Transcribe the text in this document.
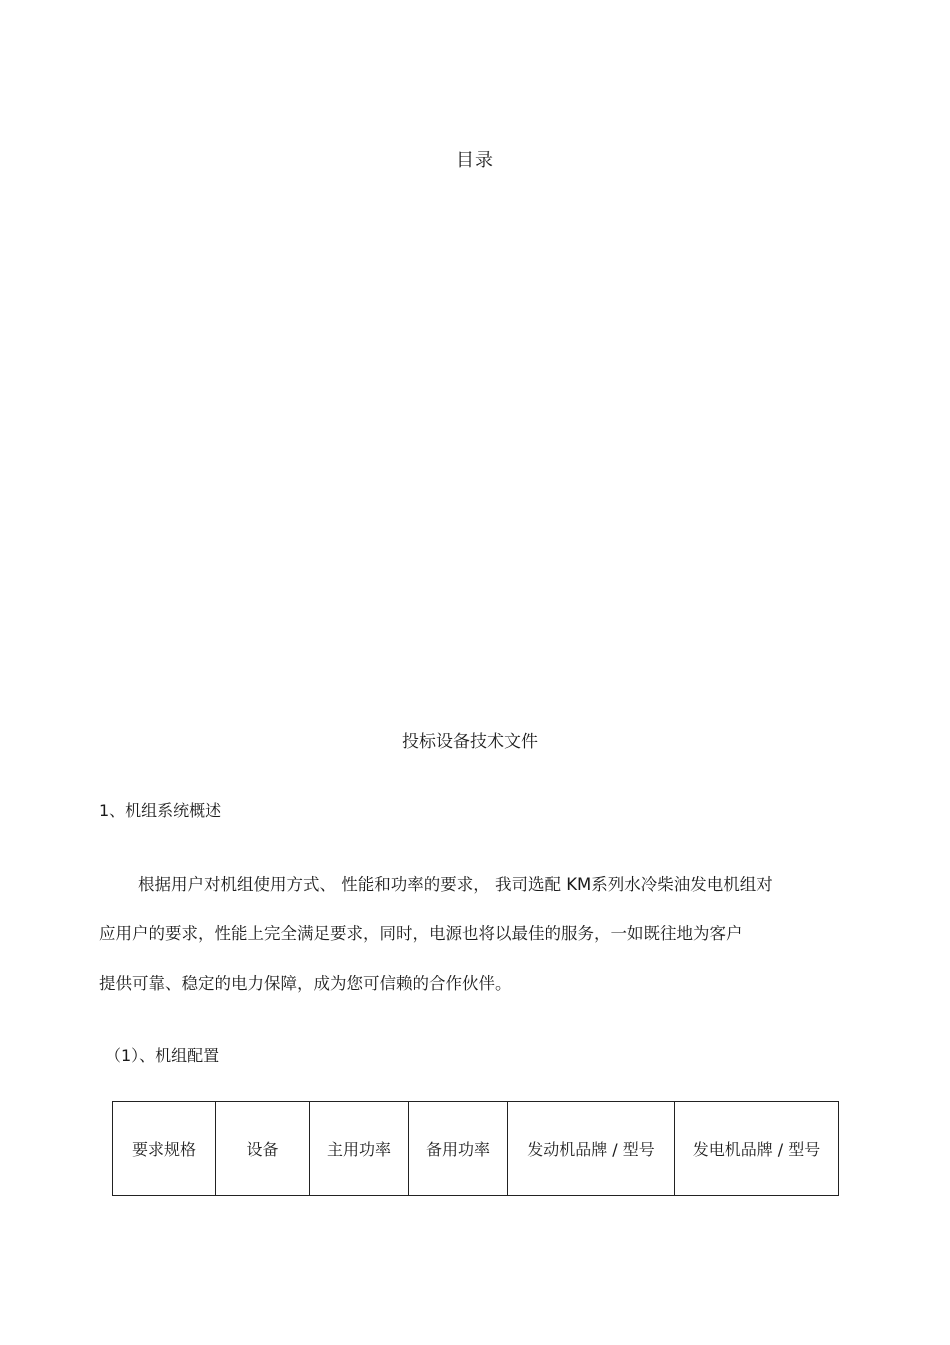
目录
投标设备技术文件
1、机组系统概述
根据用户对机组使用方式、 性能和功率的要求， 我司选配 KM系列水冷柴油发电机组对
应用户的要求，性能上完全满足要求，同时，电源也将以最佳的服务，一如既往地为客户
提供可靠、稳定的电力保障，成为您可信赖的合作伙伴。
（1）、机组配置
要求规格	设备	主用功率	备用功率	发动机品牌 / 型号	发电机品牌 / 型号
